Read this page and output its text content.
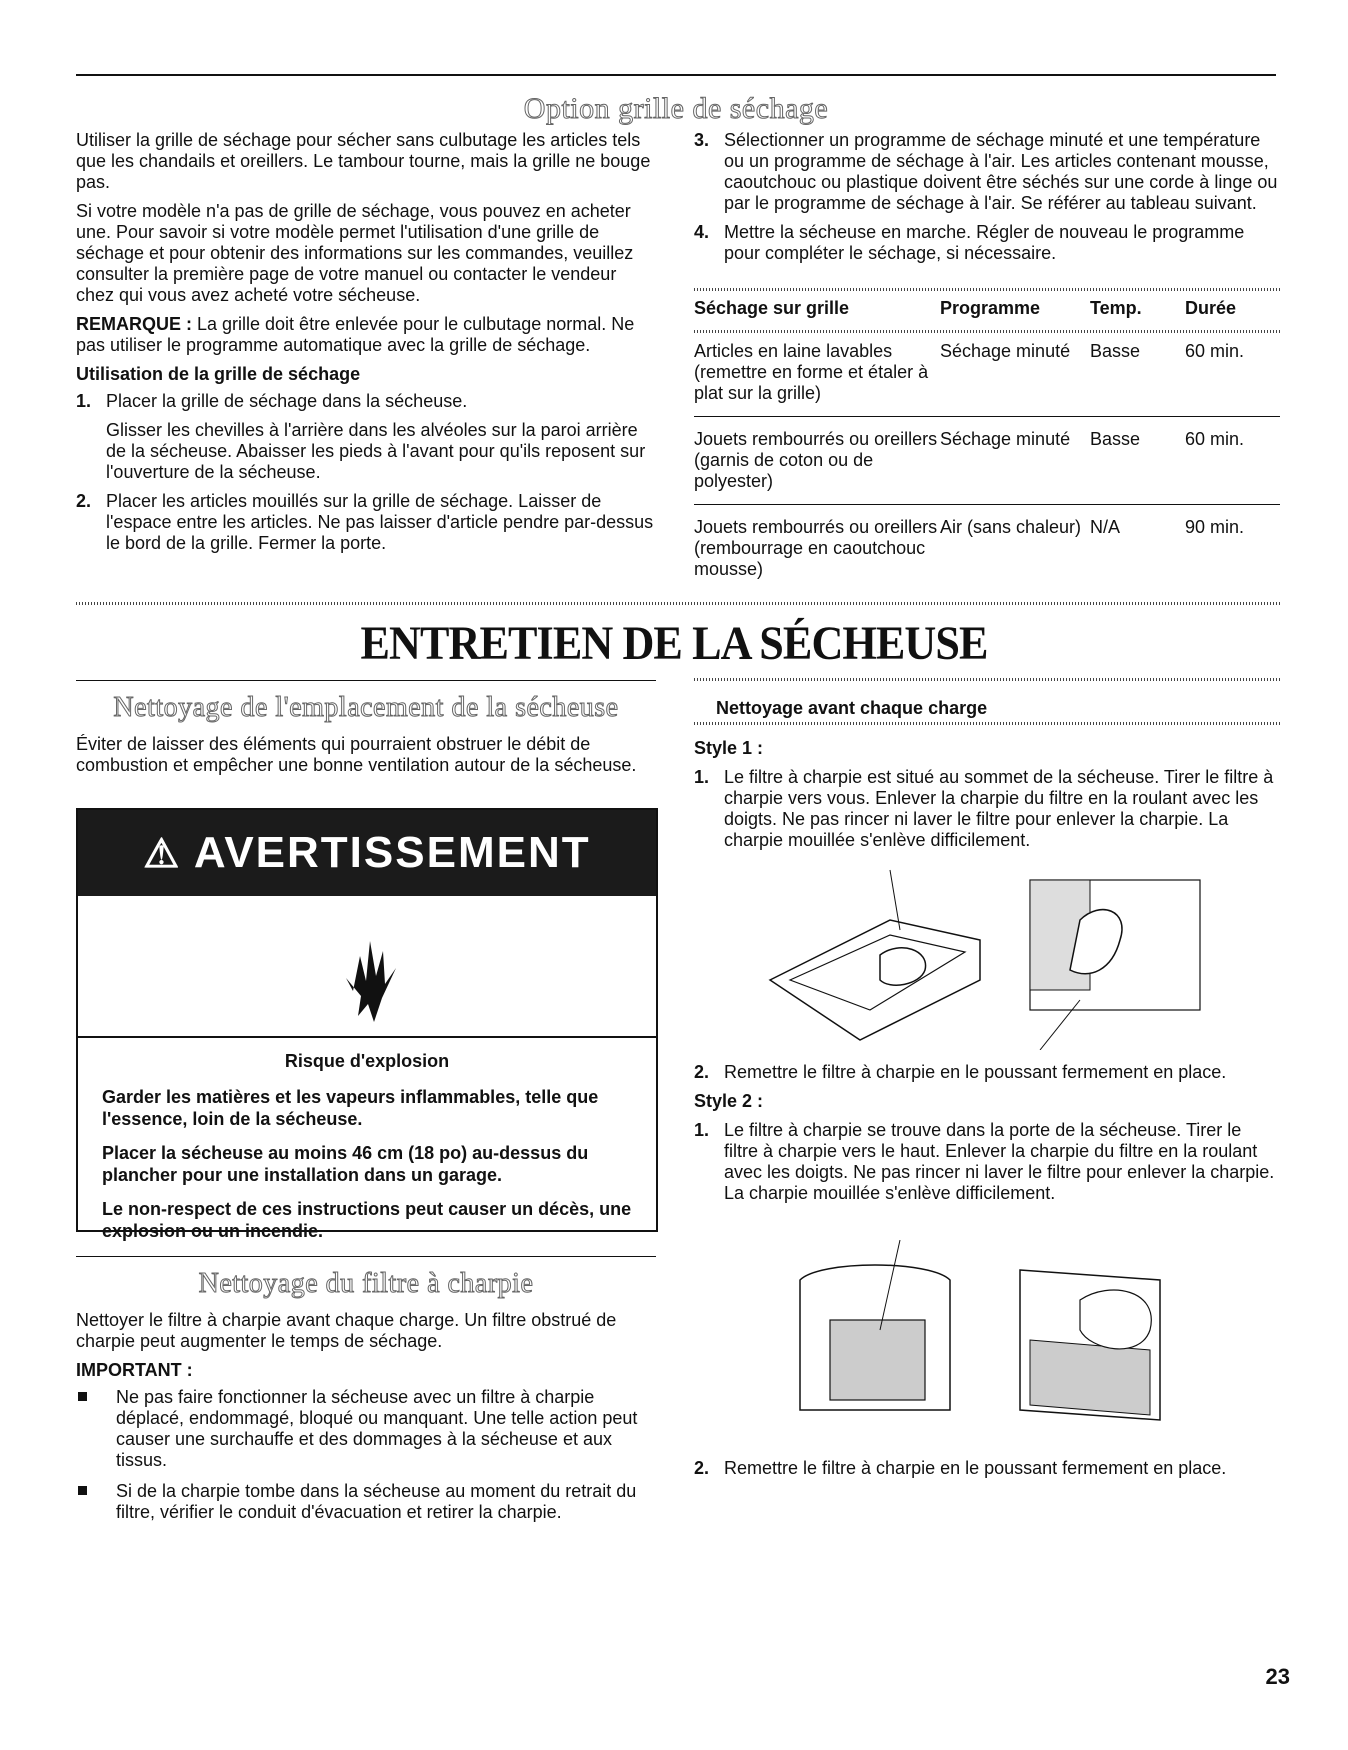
Option grille de séchage

Utiliser la grille de séchage pour sécher sans culbutage les articles tels que les chandails et oreillers. Le tambour tourne, mais la grille ne bouge pas.

Si votre modèle n'a pas de grille de séchage, vous pouvez en acheter une. Pour savoir si votre modèle permet l'utilisation d'une grille de séchage et pour obtenir des informations sur les commandes, veuillez consulter la première page de votre manuel ou contacter le vendeur chez qui vous avez acheté votre sécheuse.

REMARQUE : La grille doit être enlevée pour le culbutage normal. Ne pas utiliser le programme automatique avec la grille de séchage.

Utilisation de la grille de séchage

1. Placer la grille de séchage dans la sécheuse.
Glisser les chevilles à l'arrière dans les alvéoles sur la paroi arrière de la sécheuse. Abaisser les pieds à l'avant pour qu'ils reposent sur l'ouverture de la sécheuse.
2. Placer les articles mouillés sur la grille de séchage. Laisser de l'espace entre les articles. Ne pas laisser d'article pendre par-dessus le bord de la grille. Fermer la porte.
3. Sélectionner un programme de séchage minuté et une température ou un programme de séchage à l'air. Les articles contenant mousse, caoutchouc ou plastique doivent être séchés sur une corde à linge ou par le programme de séchage à l'air. Se référer au tableau suivant.
4. Mettre la sécheuse en marche. Régler de nouveau le programme pour compléter le séchage, si nécessaire.
Séchage sur grille	Programme	Temp.	Durée
Articles en laine lavables (remettre en forme et étaler à plat sur la grille)	Séchage minuté	Basse	60 min.
Jouets rembourrés ou oreillers (garnis de coton ou de polyester)	Séchage minuté	Basse	60 min.
Jouets rembourrés ou oreillers (rembourrage en caoutchouc mousse)	Air (sans chaleur)	N/A	90 min.
ENTRETIEN DE LA SÉCHEUSE
Nettoyage de l'emplacement de la sécheuse

Éviter de laisser des éléments qui pourraient obstruer le débit de combustion et empêcher une bonne ventilation autour de la sécheuse.

⚠ AVERTISSEMENT
Risque d'explosion

Garder les matières et les vapeurs inflammables, telle que l'essence, loin de la sécheuse.

Placer la sécheuse au moins 46 cm (18 po) au-dessus du plancher pour une installation dans un garage.

Le non-respect de ces instructions peut causer un décès, une explosion ou un incendie.

Nettoyage du filtre à charpie

Nettoyer le filtre à charpie avant chaque charge. Un filtre obstrué de charpie peut augmenter le temps de séchage.

IMPORTANT :

Ne pas faire fonctionner la sécheuse avec un filtre à charpie déplacé, endommagé, bloqué ou manquant. Une telle action peut causer une surchauffe et des dommages à la sécheuse et aux tissus.
Si de la charpie tombe dans la sécheuse au moment du retrait du filtre, vérifier le conduit d'évacuation et retirer la charpie.
Nettoyage avant chaque charge

Style 1 :

1. Le filtre à charpie est situé au sommet de la sécheuse. Tirer le filtre à charpie vers vous. Enlever la charpie du filtre en la roulant avec les doigts. Ne pas rincer ni laver le filtre pour enlever la charpie. La charpie mouillée s'enlève difficilement.
2. Remettre le filtre à charpie en le poussant fermement en place.

Style 2 :

1. Le filtre à charpie se trouve dans la porte de la sécheuse. Tirer le filtre à charpie vers le haut. Enlever la charpie du filtre en la roulant avec les doigts. Ne pas rincer ni laver le filtre pour enlever la charpie. La charpie mouillée s'enlève difficilement.
2. Remettre le filtre à charpie en le poussant fermement en place.
23
